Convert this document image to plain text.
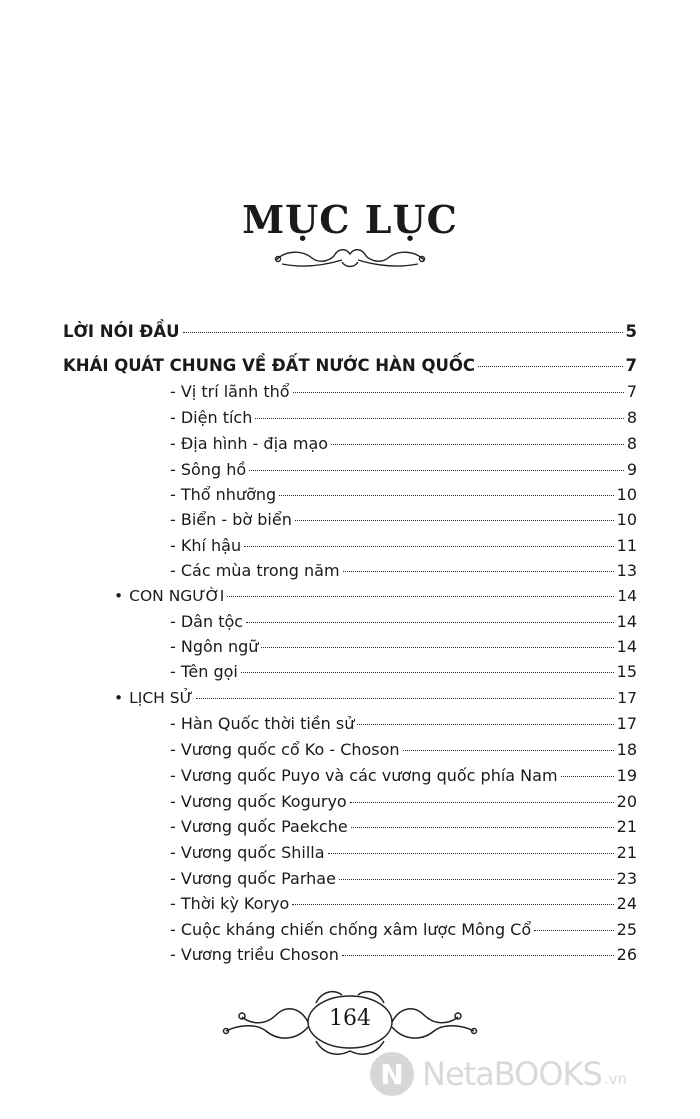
MỤC LỤC
LỜI NÓI ĐẦU	5
KHÁI QUÁT CHUNG VỀ ĐẤT NƯỚC HÀN QUỐC	7
- Vị trí lãnh thổ	7
- Diện tích	8
- Địa hình - địa mạo	8
- Sông hồ	9
- Thổ nhưỡng	10
- Biển - bờ biển	10
- Khí hậu	11
- Các mùa trong năm	13
• CON NGƯỜI	14
- Dân tộc	14
- Ngôn ngữ	14
- Tên gọi	15
• LỊCH SỬ	17
- Hàn Quốc thời tiền sử	17
- Vương quốc cổ Ko - Choson	18
- Vương quốc Puyo và các vương quốc phía Nam	19
- Vương quốc Koguryo	20
- Vương quốc Paekche	21
- Vương quốc Shilla	21
- Vương quốc Parhae	23
- Thời kỳ Koryo	24
- Cuộc kháng chiến chống xâm lược Mông Cổ	25
- Vương triều Choson	26
164
N NetaBOOKS .vn
